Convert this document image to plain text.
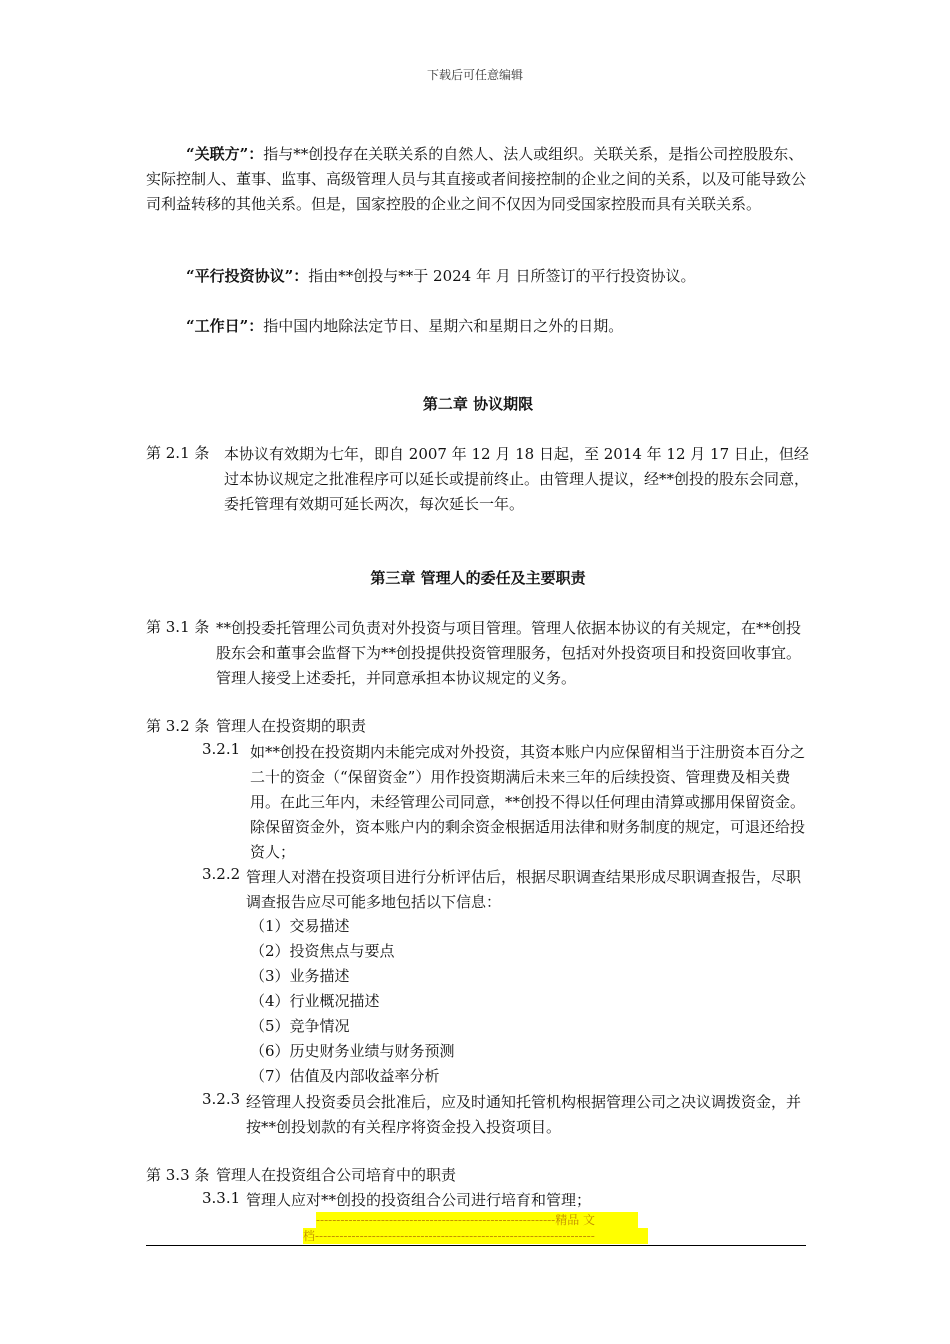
下载后可任意编辑
“关联方”：指与**创投存在关联关系的自然人、法人或组织。关联关系，是指公司控股股东、实际控制人、董事、监事、高级管理人员与其直接或者间接控制的企业之间的关系，以及可能导致公司利益转移的其他关系。但是，国家控股的企业之间不仅因为同受国家控股而具有关联关系。
“平行投资协议”：指由**创投与**于 2024 年 月 日所签订的平行投资协议。
“工作日”：指中国内地除法定节日、星期六和星期日之外的日期。
第二章 协议期限
第 2.1 条 本协议有效期为七年，即自 2007 年 12 月 18 日起，至 2014 年 12 月 17 日止，但经过本协议规定之批准程序可以延长或提前终止。由管理人提议，经**创投的股东会同意，委托管理有效期可延长两次，每次延长一年。
第三章 管理人的委任及主要职责
第 3.1 条 **创投委托管理公司负责对外投资与项目管理。管理人依据本协议的有关规定，在**创投股东会和董事会监督下为**创投提供投资管理服务，包括对外投资项目和投资回收事宜。管理人接受上述委托，并同意承担本协议规定的义务。
第 3.2 条 管理人在投资期的职责
3.2.1 如**创投在投资期内未能完成对外投资，其资本账户内应保留相当于注册资本百分之二十的资金（“保留资金”）用作投资期满后未来三年的后续投资、管理费及相关费用。在此三年内，未经管理公司同意，**创投不得以任何理由清算或挪用保留资金。除保留资金外，资本账户内的剩余资金根据适用法律和财务制度的规定，可退还给投资人；
3.2.2 管理人对潜在投资项目进行分析评估后，根据尽职调查结果形成尽职调查报告，尽职调查报告应尽可能多地包括以下信息：
（1）交易描述
（2）投资焦点与要点
（3）业务描述
（4）行业概况描述
（5）竞争情况
（6）历史财务业绩与财务预测
（7）估值及内部收益率分析
3.2.3 经管理人投资委员会批准后，应及时通知托管机构根据管理公司之决议调拨资金，并按**创投划款的有关程序将资金投入投资项目。
第 3.3 条 管理人在投资组合公司培育中的职责
3.3.1 管理人应对**创投的投资组合公司进行培育和管理；
-----------------------------------------------------------精品 文
档---------------------------------------------------------------------
